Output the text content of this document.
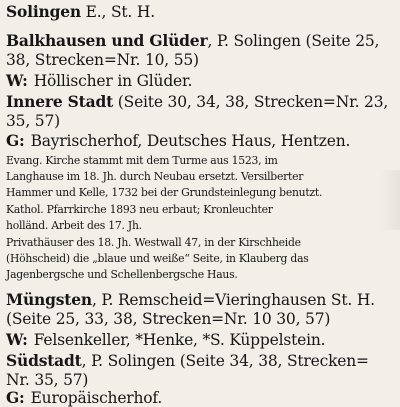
Solingen E., St. H.
Balkhausen und Glüder, P. Solingen (Seite 25,
38, Strecken=Nr. 10, 55)
W: Höllischer in Glüder.
Innere Stadt (Seite 30, 34, 38, Strecken=Nr. 23,
35, 57)
G: Bayrischerhof, Deutsches Haus, Hentzen.
Evang. Kirche stammt mit dem Turme aus 1523, im
Langhause im 18. Jh. durch Neubau ersetzt. Versilberter
Hammer und Kelle, 1732 bei der Grundsteinlegung benutzt.
Kathol. Pfarrkirche 1893 neu erbaut; Kronleuchter
holländ. Arbeit des 17. Jh.
Privathäuser des 18. Jh. Westwall 47, in der Kirschheide
(Höhscheid) die „blaue und weiße“ Seite, in Klauberg das
Jagenbergsche und Schellenbergsche Haus.
Müngsten, P. Remscheid=Vieringhausen St. H.
(Seite 25, 33, 38, Strecken=Nr. 10 30, 57)
W: Felsenkeller, *Henke, *S. Küppelstein.
Südstadt, P. Solingen (Seite 34, 38, Strecken=
Nr. 35, 57)
G: Europäischerhof.
